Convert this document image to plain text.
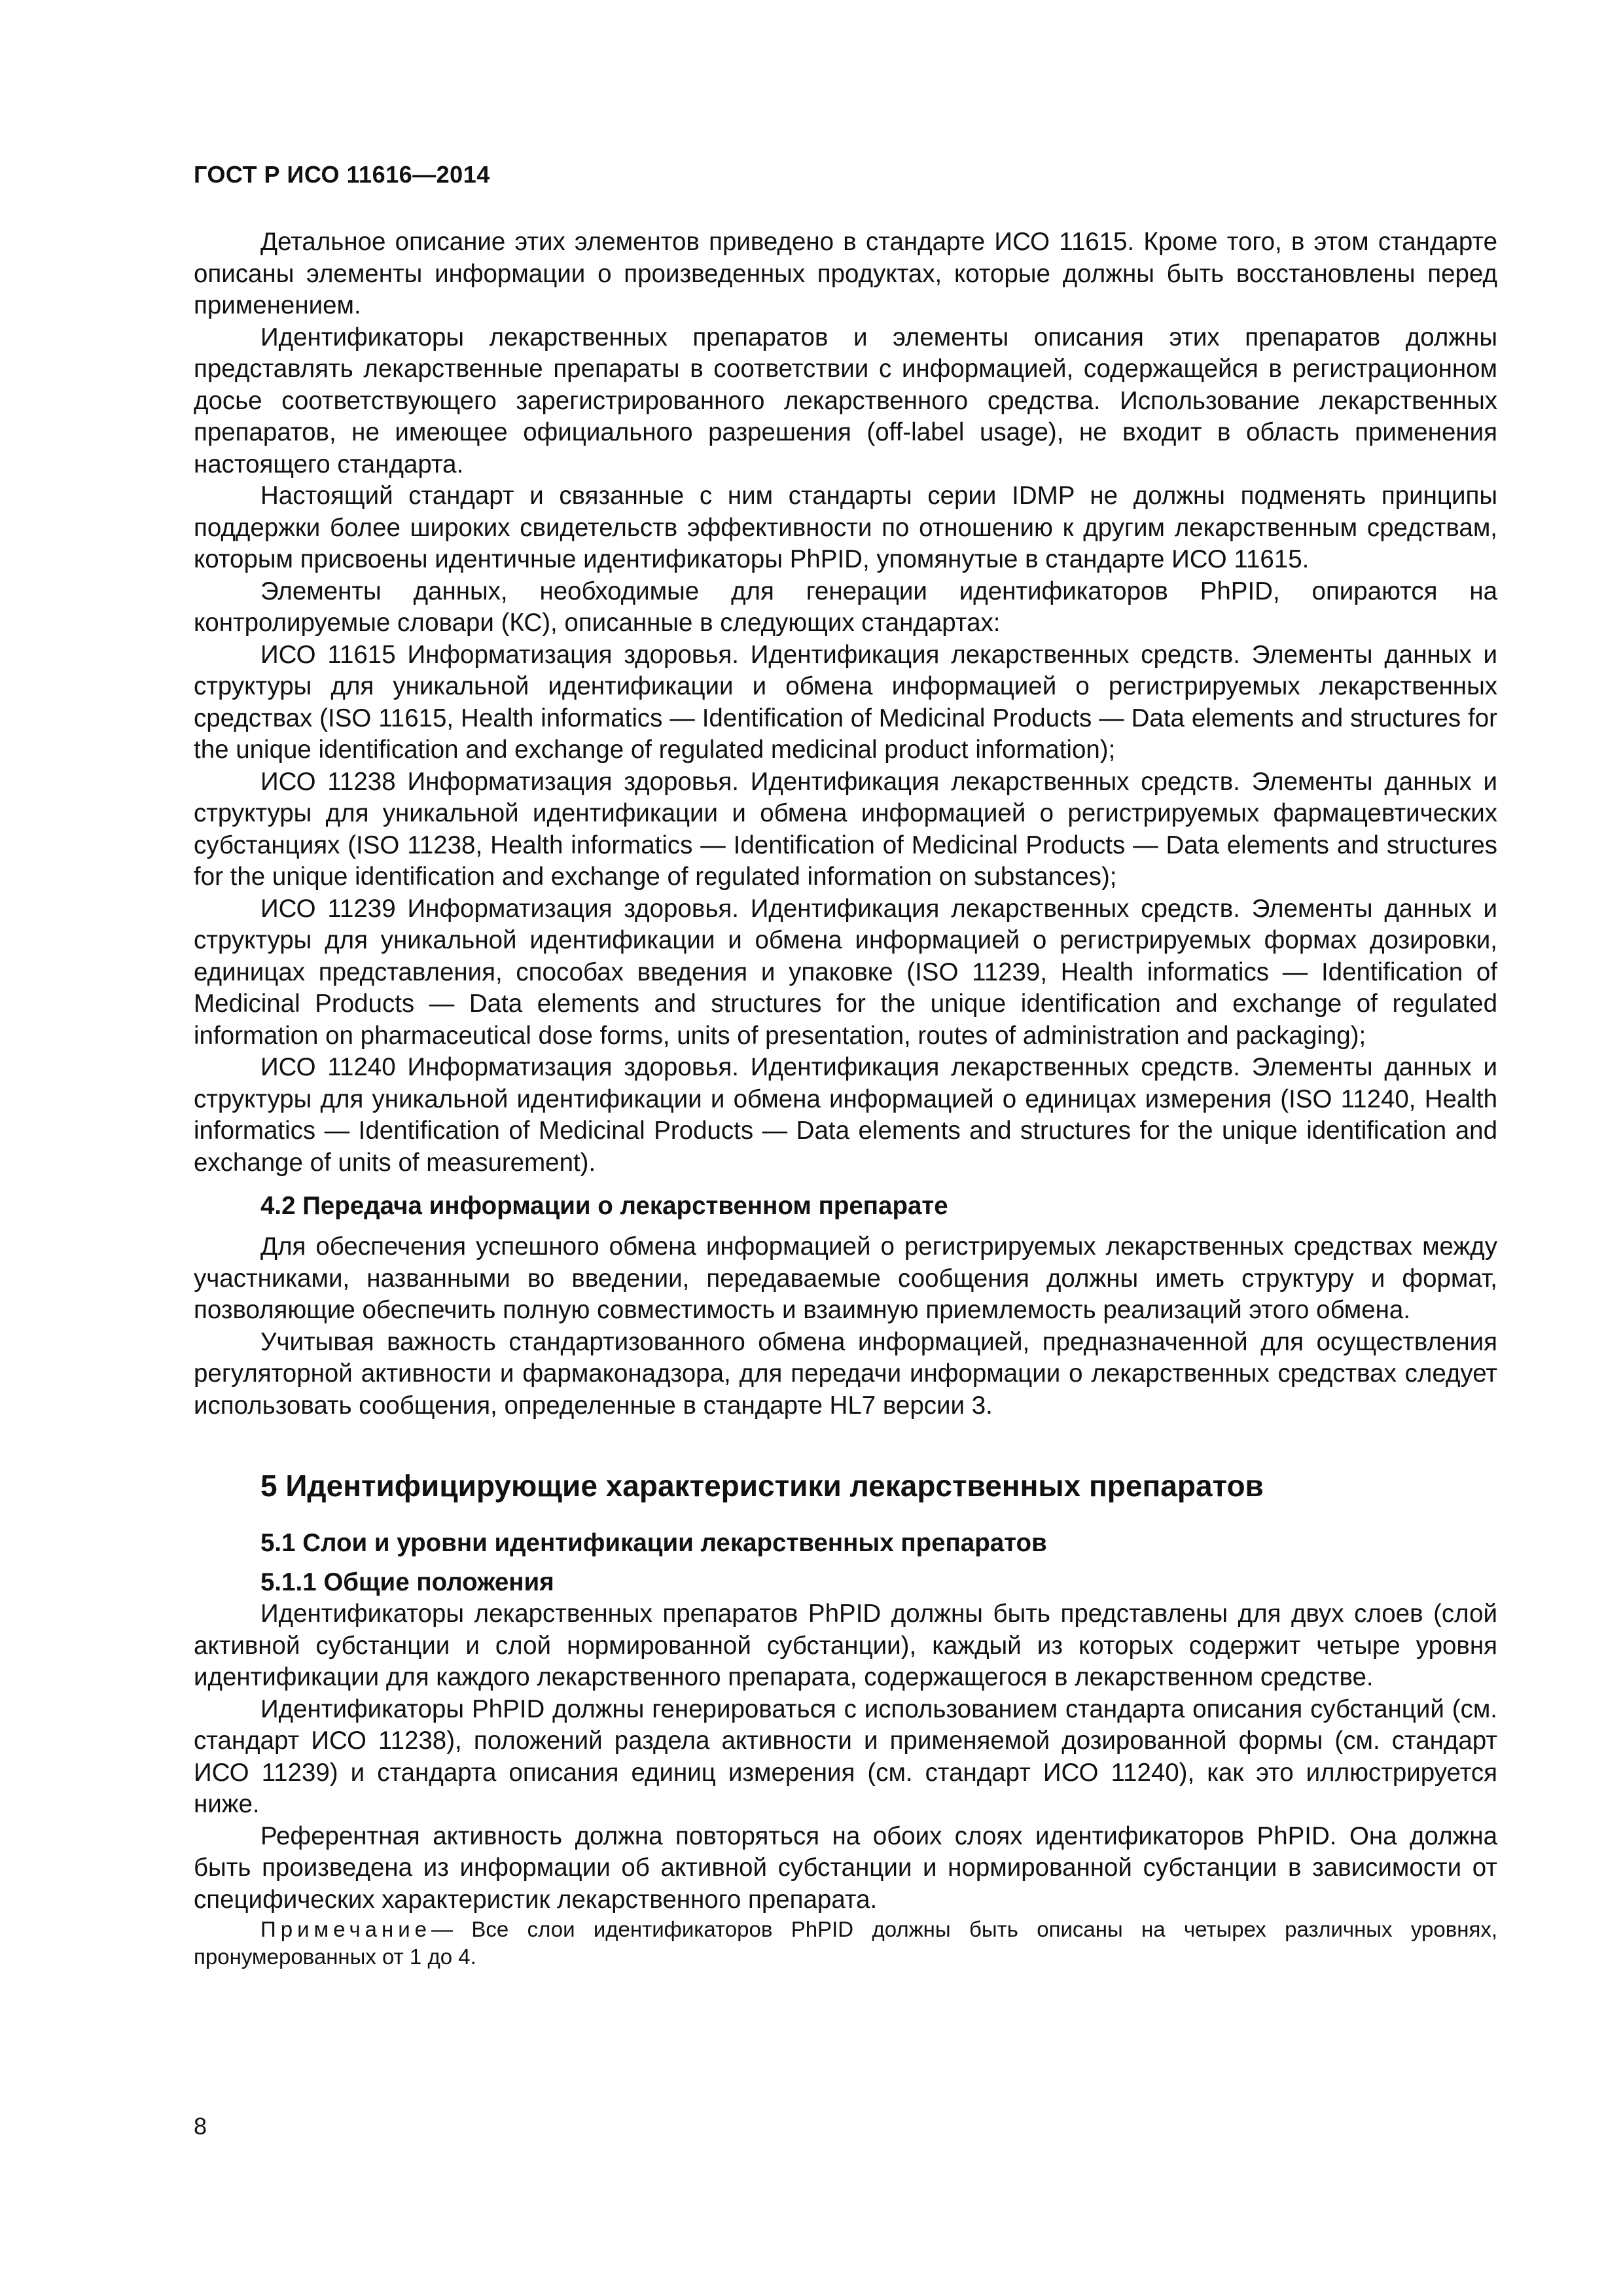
ГОСТ Р ИСО 11616—2014

Детальное описание этих элементов приведено в стандарте ИСО 11615. Кроме того, в этом стандарте описаны элементы информации о произведенных продуктах, которые должны быть восстановлены перед применением.

Идентификаторы лекарственных препаратов и элементы описания этих препаратов должны представлять лекарственные препараты в соответствии с информацией, содержащейся в регистрационном досье соответствующего зарегистрированного лекарственного средства. Использование лекарственных препаратов, не имеющее официального разрешения (off-label usage), не входит в область применения настоящего стандарта.

Настоящий стандарт и связанные с ним стандарты серии IDMP не должны подменять принципы поддержки более широких свидетельств эффективности по отношению к другим лекарственным средствам, которым присвоены идентичные идентификаторы PhPID, упомянутые в стандарте ИСО 11615.

Элементы данных, необходимые для генерации идентификаторов PhPID, опираются на контролируемые словари (КС), описанные в следующих стандартах:

ИСО 11615 Информатизация здоровья. Идентификация лекарственных средств. Элементы данных и структуры для уникальной идентификации и обмена информацией о регистрируемых лекарственных средствах (ISO 11615, Health informatics — Identification of Medicinal Products — Data elements and structures for the unique identification and exchange of regulated medicinal product information);

ИСО 11238 Информатизация здоровья. Идентификация лекарственных средств. Элементы данных и структуры для уникальной идентификации и обмена информацией о регистрируемых фармацевтических субстанциях (ISO 11238, Health informatics — Identification of Medicinal Products — Data elements and structures for the unique identification and exchange of regulated information on substances);

ИСО 11239 Информатизация здоровья. Идентификация лекарственных средств. Элементы данных и структуры для уникальной идентификации и обмена информацией о регистрируемых формах дозировки, единицах представления, способах введения и упаковке (ISO 11239, Health informatics — Identification of Medicinal Products — Data elements and structures for the unique identification and exchange of regulated information on pharmaceutical dose forms, units of presentation, routes of administration and packaging);

ИСО 11240 Информатизация здоровья. Идентификация лекарственных средств. Элементы данных и структуры для уникальной идентификации и обмена информацией о единицах измерения (ISO 11240, Health informatics — Identification of Medicinal Products — Data elements and structures for the unique identification and exchange of units of measurement).

4.2 Передача информации о лекарственном препарате

Для обеспечения успешного обмена информацией о регистрируемых лекарственных средствах между участниками, названными во введении, передаваемые сообщения должны иметь структуру и формат, позволяющие обеспечить полную совместимость и взаимную приемлемость реализаций этого обмена.

Учитывая важность стандартизованного обмена информацией, предназначенной для осуществления регуляторной активности и фармаконадзора, для передачи информации о лекарственных средствах следует использовать сообщения, определенные в стандарте HL7 версии 3.

5 Идентифицирующие характеристики лекарственных препаратов
5.1 Слои и уровни идентификации лекарственных препаратов
5.1.1 Общие положения

Идентификаторы лекарственных препаратов PhPID должны быть представлены для двух слоев (слой активной субстанции и слой нормированной субстанции), каждый из которых содержит четыре уровня идентификации для каждого лекарственного препарата, содержащегося в лекарственном средстве.

Идентификаторы PhPID должны генерироваться с использованием стандарта описания субстанций (см. стандарт ИСО 11238), положений раздела активности и применяемой дозированной формы (см. стандарт ИСО 11239) и стандарта описания единиц измерения (см. стандарт ИСО 11240), как это иллюстрируется ниже.

Референтная активность должна повторяться на обоих слоях идентификаторов PhPID. Она должна быть произведена из информации об активной субстанции и нормированной субстанции в зависимости от специфических характеристик лекарственного препарата.

Примечание— Все слои идентификаторов PhPID должны быть описаны на четырех различных уровнях, пронумерованных от 1 до 4.

8
